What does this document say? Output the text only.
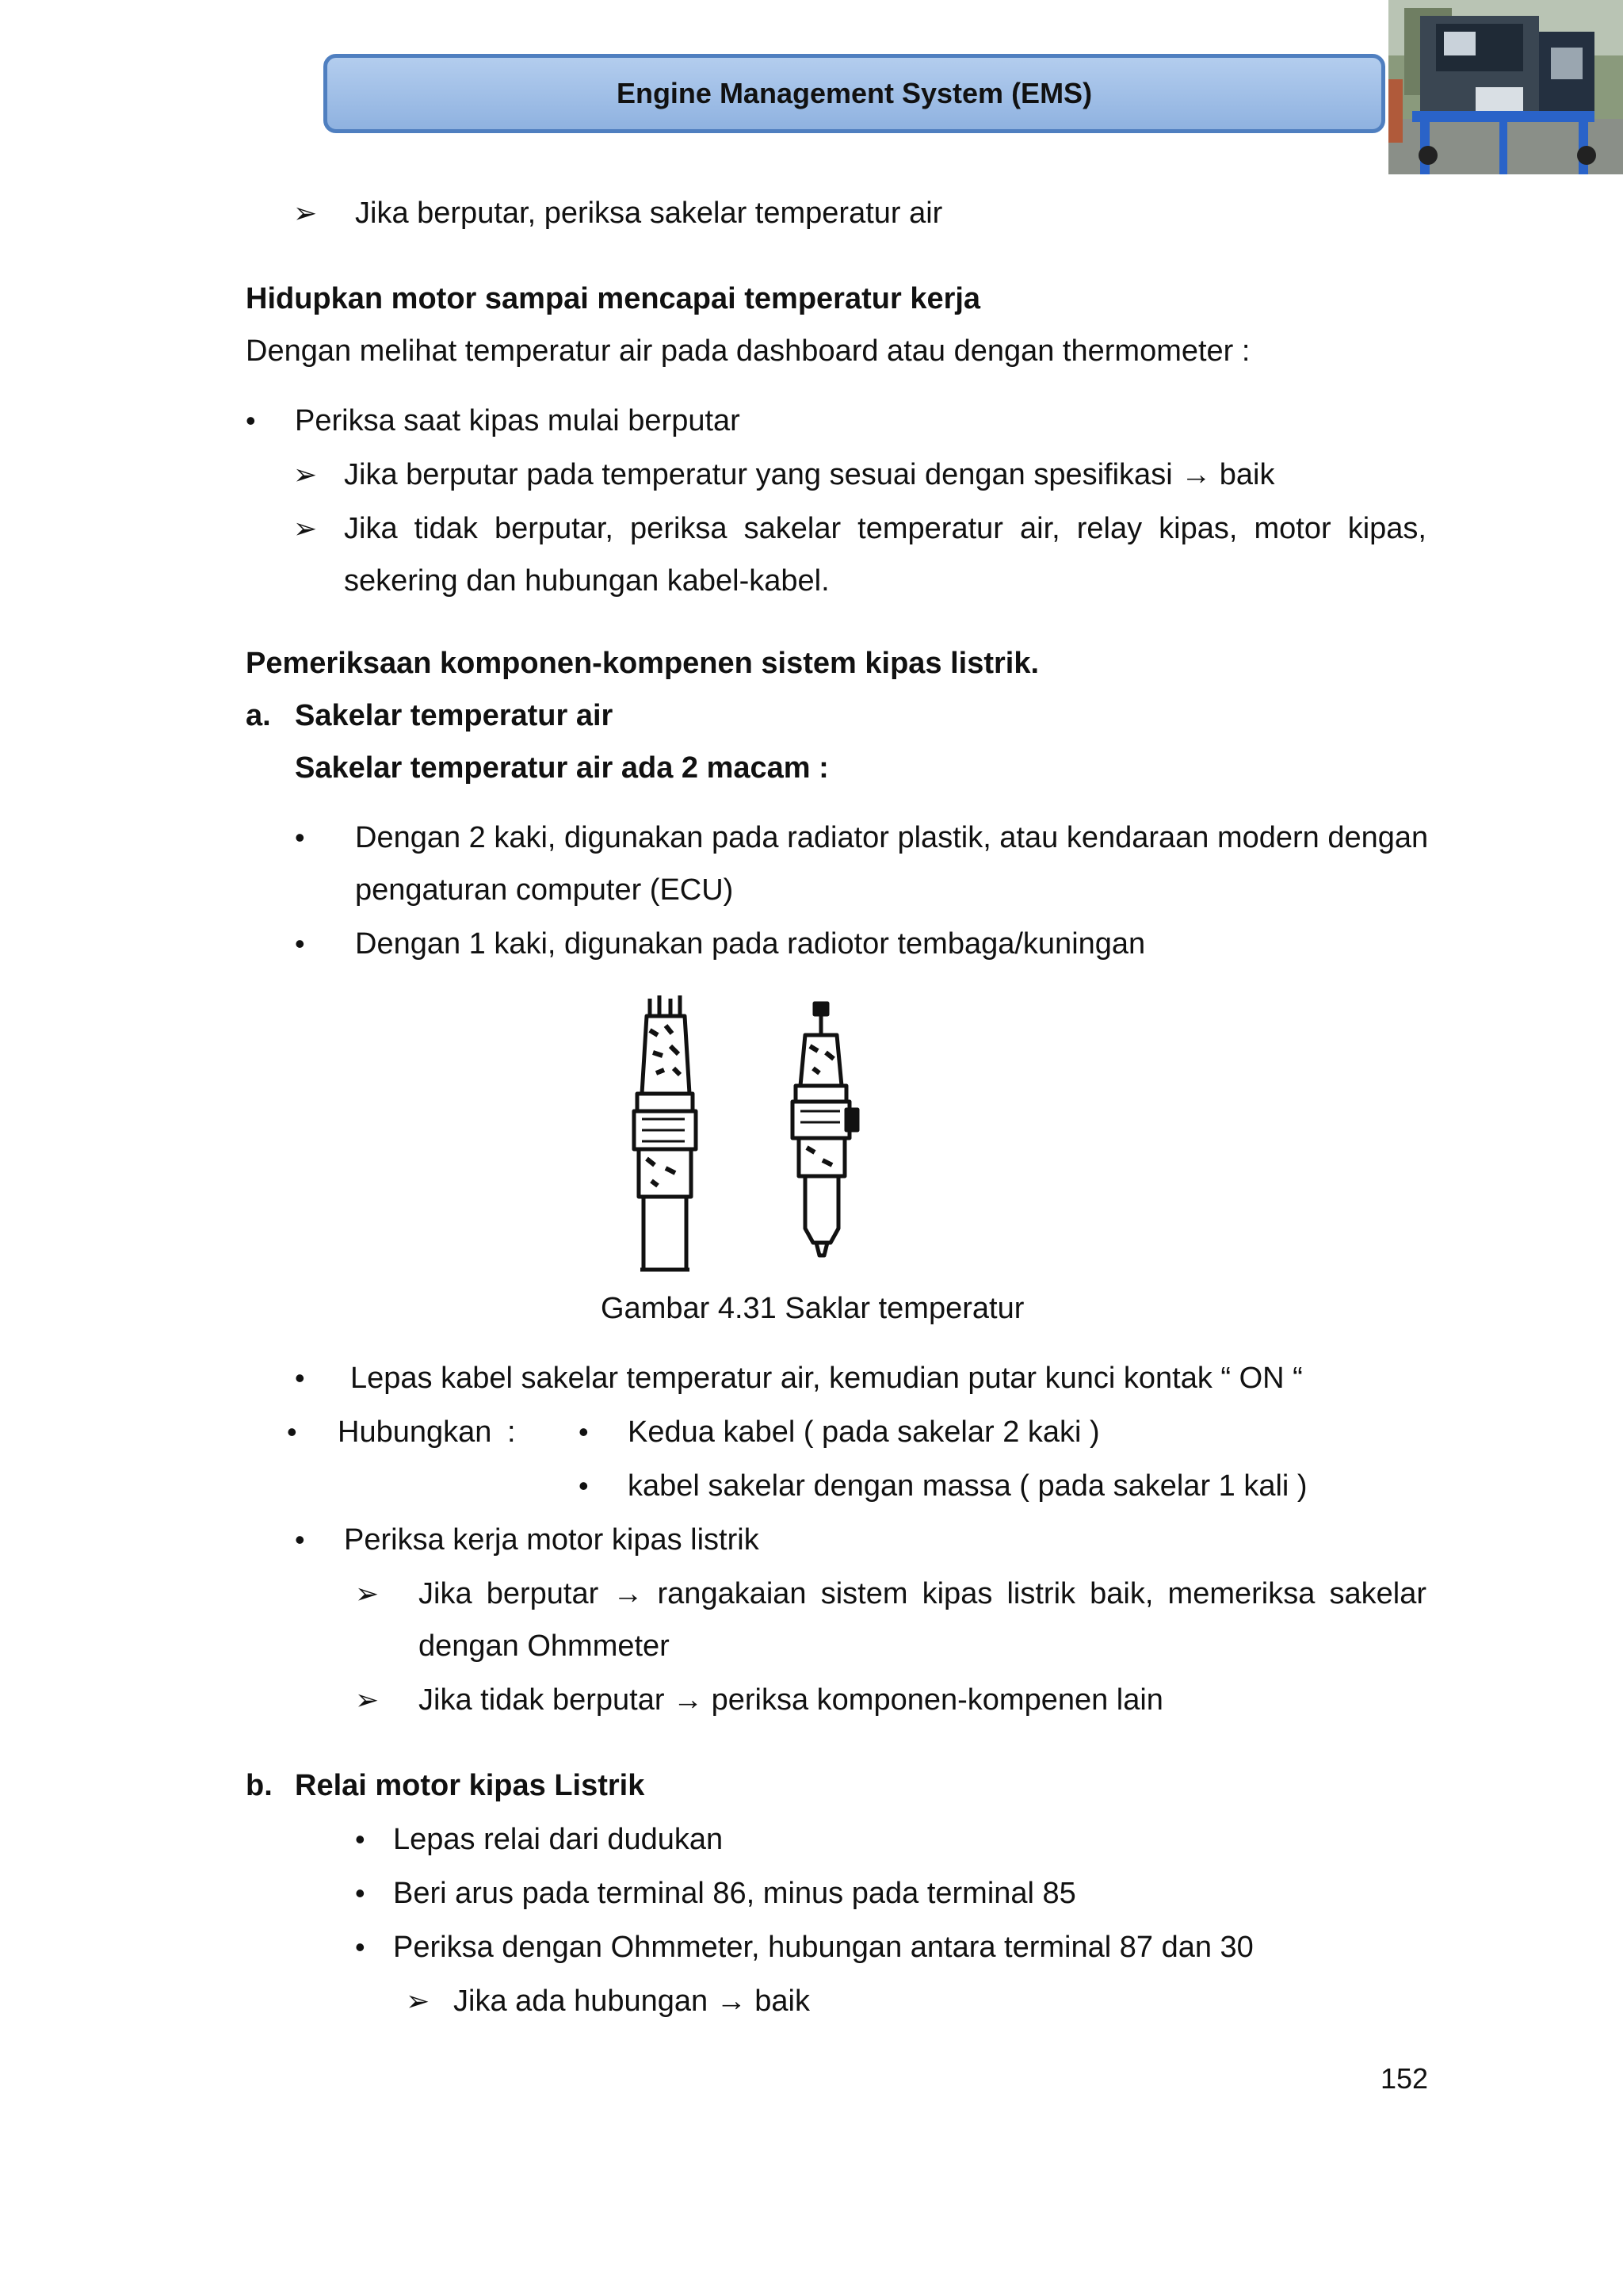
Engine Management System (EMS)
➢ Jika berputar, periksa sakelar temperatur air
Hidupkan motor sampai mencapai temperatur kerja
Dengan melihat temperatur air pada dashboard atau dengan thermometer :
• Periksa saat kipas mulai berputar
➢ Jika berputar pada temperatur yang sesuai dengan spesifikasi → baik
➢ Jika tidak berputar, periksa sakelar temperatur air, relay kipas, motor kipas,
sekering dan hubungan kabel-kabel.
Pemeriksaan komponen-kompenen sistem kipas listrik.
a. Sakelar temperatur air
Sakelar temperatur air ada 2 macam :
• Dengan 2 kaki, digunakan pada radiator plastik, atau kendaraan modern dengan
pengaturan computer (ECU)
• Dengan 1 kaki, digunakan pada radiotor tembaga/kuningan
Gambar 4.31 Saklar temperatur
• Lepas kabel sakelar temperatur air, kemudian putar kunci kontak “ ON “
• Hubungkan : • Kedua kabel ( pada sakelar 2 kaki )
• kabel sakelar dengan massa ( pada sakelar 1 kali )
• Periksa kerja motor kipas listrik
➢ Jika berputar → rangakaian sistem kipas listrik baik, memeriksa sakelar
dengan Ohmmeter
➢ Jika tidak berputar → periksa komponen-kompenen lain
b. Relai motor kipas Listrik
• Lepas relai dari dudukan
• Beri arus pada terminal 86, minus pada terminal 85
• Periksa dengan Ohmmeter, hubungan antara terminal 87 dan 30
➢ Jika ada hubungan → baik
152
